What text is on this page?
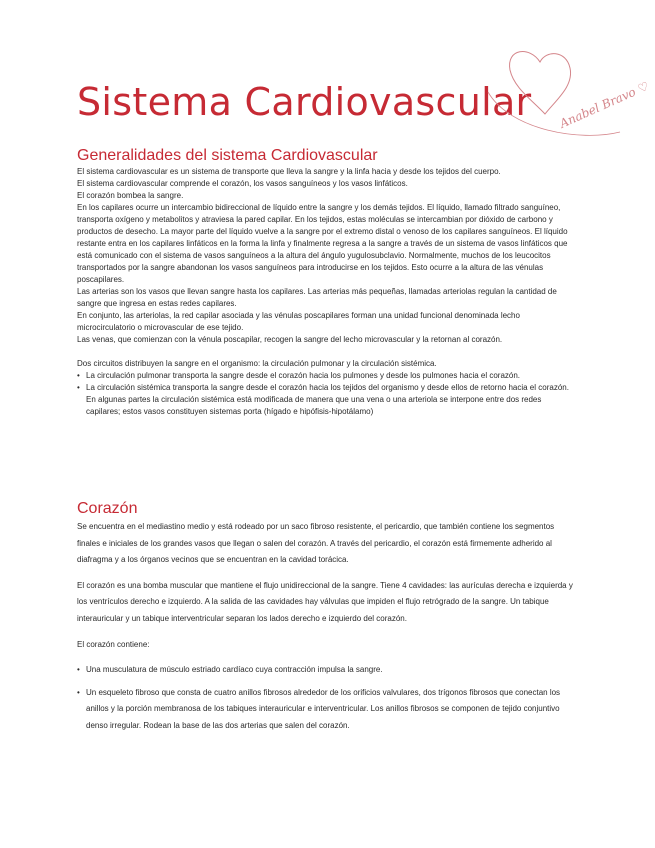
Sistema Cardiovascular Anabel Bravo ♡
Generalidades del sistema Cardiovascular

El sistema cardiovascular es un sistema de transporte que lleva la sangre y la linfa hacia y desde los tejidos del cuerpo.

El sistema cardiovascular comprende el corazón, los vasos sanguíneos y los vasos linfáticos.

El corazón bombea la sangre.

En los capilares ocurre un intercambio bidireccional de líquido entre la sangre y los demás tejidos. El líquido, llamado filtrado sanguíneo, transporta oxígeno y metabolitos y atraviesa la pared capilar. En los tejidos, estas moléculas se intercambian por dióxido de carbono y productos de desecho. La mayor parte del líquido vuelve a la sangre por el extremo distal o venoso de los capilares sanguíneos. El líquido restante entra en los capilares linfáticos en la forma la linfa y finalmente regresa a la sangre a través de un sistema de vasos linfáticos que está comunicado con el sistema de vasos sanguíneos a la altura del ángulo yugulosubclavio. Normalmente, muchos de los leucocitos transportados por la sangre abandonan los vasos sanguíneos para introducirse en los tejidos. Esto ocurre a la altura de las vénulas poscapilares.

Las arterias son los vasos que llevan sangre hasta los capilares. Las arterias más pequeñas, llamadas arteriolas regulan la cantidad de sangre que ingresa en estas redes capilares.

En conjunto, las arteriolas, la red capilar asociada y las vénulas poscapilares forman una unidad funcional denominada lecho microcirculatorio o microvascular de ese tejido.

Las venas, que comienzan con la vénula poscapilar, recogen la sangre del lecho microvascular y la retornan al corazón.

Dos circuitos distribuyen la sangre en el organismo: la circulación pulmonar y la circulación sistémica.

• La circulación pulmonar transporta la sangre desde el corazón hacia los pulmones y desde los pulmones hacia el corazón.
• La circulación sistémica transporta la sangre desde el corazón hacia los tejidos del organismo y desde ellos de retorno hacia el corazón. En algunas partes la circulación sistémica está modificada de manera que una vena o una arteriola se interpone entre dos redes capilares; estos vasos constituyen sistemas porta (hígado e hipófisis-hipotálamo)
Corazón

Se encuentra en el mediastino medio y está rodeado por un saco fibroso resistente, el pericardio, que también contiene los segmentos finales e iniciales de los grandes vasos que llegan o salen del corazón. A través del pericardio, el corazón está firmemente adherido al diafragma y a los órganos vecinos que se encuentran en la cavidad torácica.

El corazón es una bomba muscular que mantiene el flujo unidireccional de la sangre. Tiene 4 cavidades: las aurículas derecha e izquierda y los ventrículos derecho e izquierdo. A la salida de las cavidades hay válvulas que impiden el flujo retrógrado de la sangre. Un tabique interauricular y un tabique interventricular separan los lados derecho e izquierdo del corazón.

El corazón contiene:

• Una musculatura de músculo estriado cardíaco cuya contracción impulsa la sangre.
• Un esqueleto fibroso que consta de cuatro anillos fibrosos alrededor de los orificios valvulares, dos trígonos fibrosos que conectan los anillos y la porción membranosa de los tabiques interauricular e interventricular. Los anillos fibrosos se componen de tejido conjuntivo denso irregular. Rodean la base de las dos arterias que salen del corazón.
